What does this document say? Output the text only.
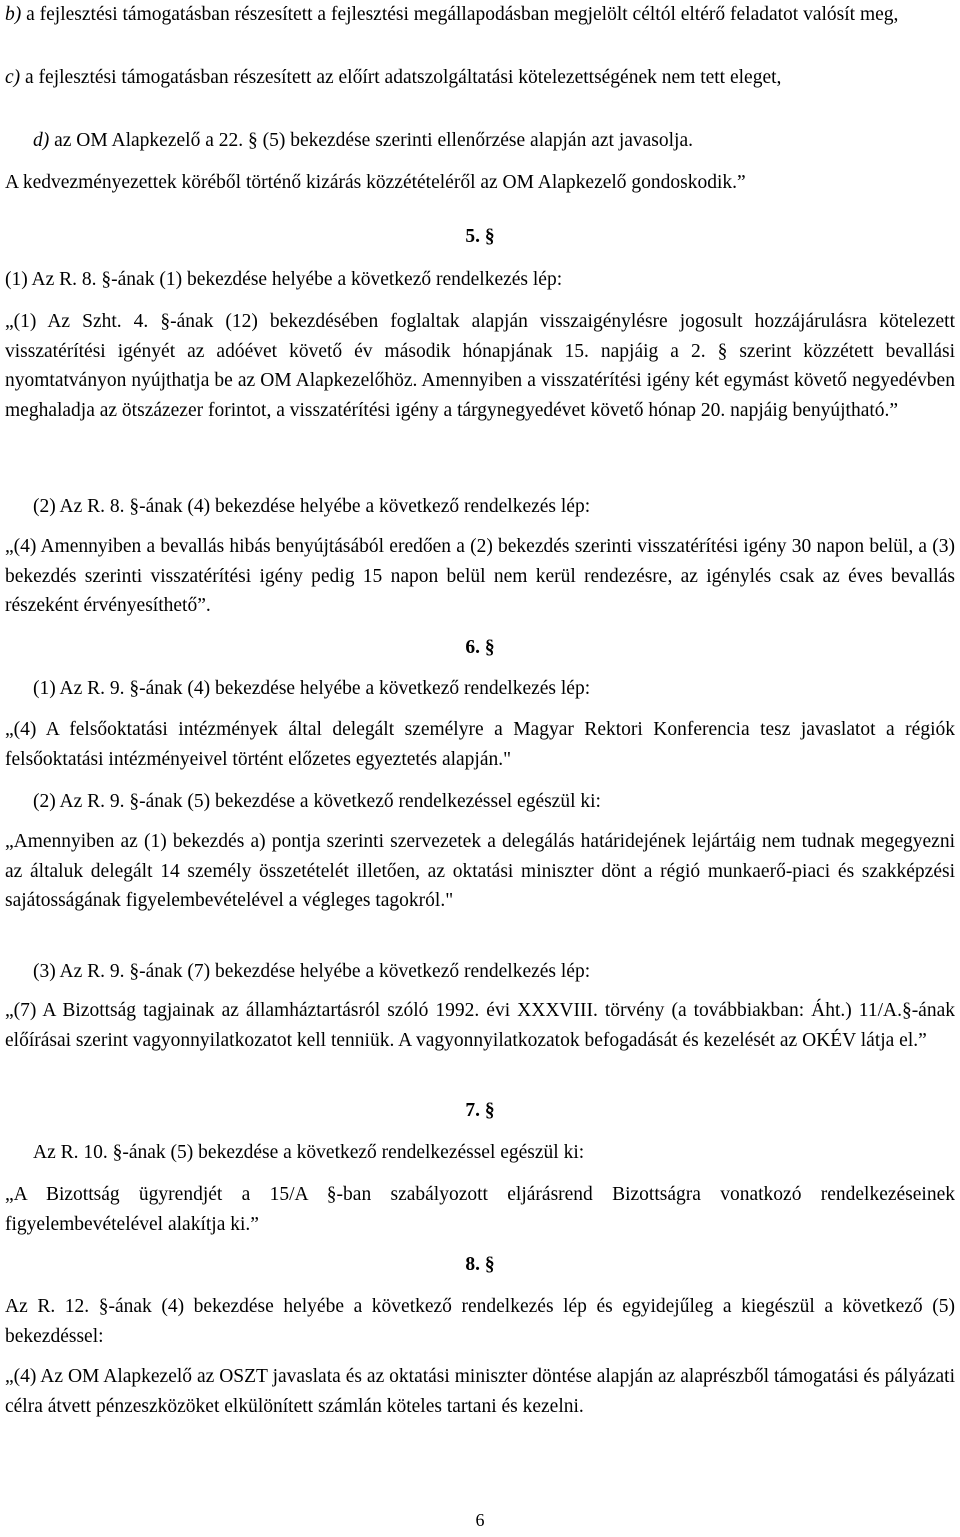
b) a fejlesztési támogatásban részesített a fejlesztési megállapodásban megjelölt céltól eltérő feladatot valósít meg,

c) a fejlesztési támogatásban részesített az előírt adatszolgáltatási kötelezettségének nem tett eleget,

d) az OM Alapkezelő a 22. § (5) bekezdése szerinti ellenőrzése alapján azt javasolja.

A kedvezményezettek köréből történő kizárás közzétételéről az OM Alapkezelő gondoskodik.”

5. §

(1) Az R. 8. §-ának (1) bekezdése helyébe a következő rendelkezés lép:

„(1) Az Szht. 4. §-ának (12) bekezdésében foglaltak alapján visszaigénylésre jogosult hozzájárulásra kötelezett visszatérítési igényét az adóévet követő év második hónapjának 15. napjáig a 2. § szerint közzétett bevallási nyomtatványon nyújthatja be az OM Alapkezelőhöz. Amennyiben a visszatérítési igény két egymást követő negyedévben meghaladja az ötszázezer forintot, a visszatérítési igény a tárgynegyedévet követő hónap 20. napjáig benyújtható.”

(2) Az R. 8. §-ának (4) bekezdése helyébe a következő rendelkezés lép:

„(4) Amennyiben a bevallás hibás benyújtásából eredően a (2) bekezdés szerinti visszatérítési igény 30 napon belül, a (3) bekezdés szerinti visszatérítési igény pedig 15 napon belül nem kerül rendezésre, az igénylés csak az éves bevallás részeként érvényesíthető”.

6. §

(1) Az R. 9. §-ának (4) bekezdése helyébe a következő rendelkezés lép:

„(4) A felsőoktatási intézmények által delegált személyre a Magyar Rektori Konferencia tesz javaslatot a régiók felsőoktatási intézményeivel történt előzetes egyeztetés alapján."

(2) Az R. 9. §-ának (5) bekezdése a következő rendelkezéssel egészül ki:

„Amennyiben az (1) bekezdés a) pontja szerinti szervezetek a delegálás határidejének lejártáig nem tudnak megegyezni az általuk delegált 14 személy összetételét illetően, az oktatási miniszter dönt a régió munkaerő-piaci és szakképzési sajátosságának figyelembevételével a végleges tagokról."

(3) Az R. 9. §-ának (7) bekezdése helyébe a következő rendelkezés lép:

„(7) A Bizottság tagjainak az államháztartásról szóló 1992. évi XXXVIII. törvény (a továbbiakban: Áht.) 11/A.§-ának előírásai szerint vagyonnyilatkozatot kell tenniük. A vagyonnyilatkozatok befogadását és kezelését az OKÉV látja el.”

7. §

Az R. 10. §-ának (5) bekezdése a következő rendelkezéssel egészül ki:

„A Bizottság ügyrendjét a 15/A §-ban szabályozott eljárásrend Bizottságra vonatkozó rendelkezéseinek figyelembevételével alakítja ki.”

8. §

Az R. 12. §-ának (4) bekezdése helyébe a következő rendelkezés lép és egyidejűleg a kiegészül a következő (5) bekezdéssel:

„(4) Az OM Alapkezelő az OSZT javaslata és az oktatási miniszter döntése alapján az alaprészből támogatási és pályázati célra átvett pénzeszközöket elkülönített számlán köteles tartani és kezelni.

6
